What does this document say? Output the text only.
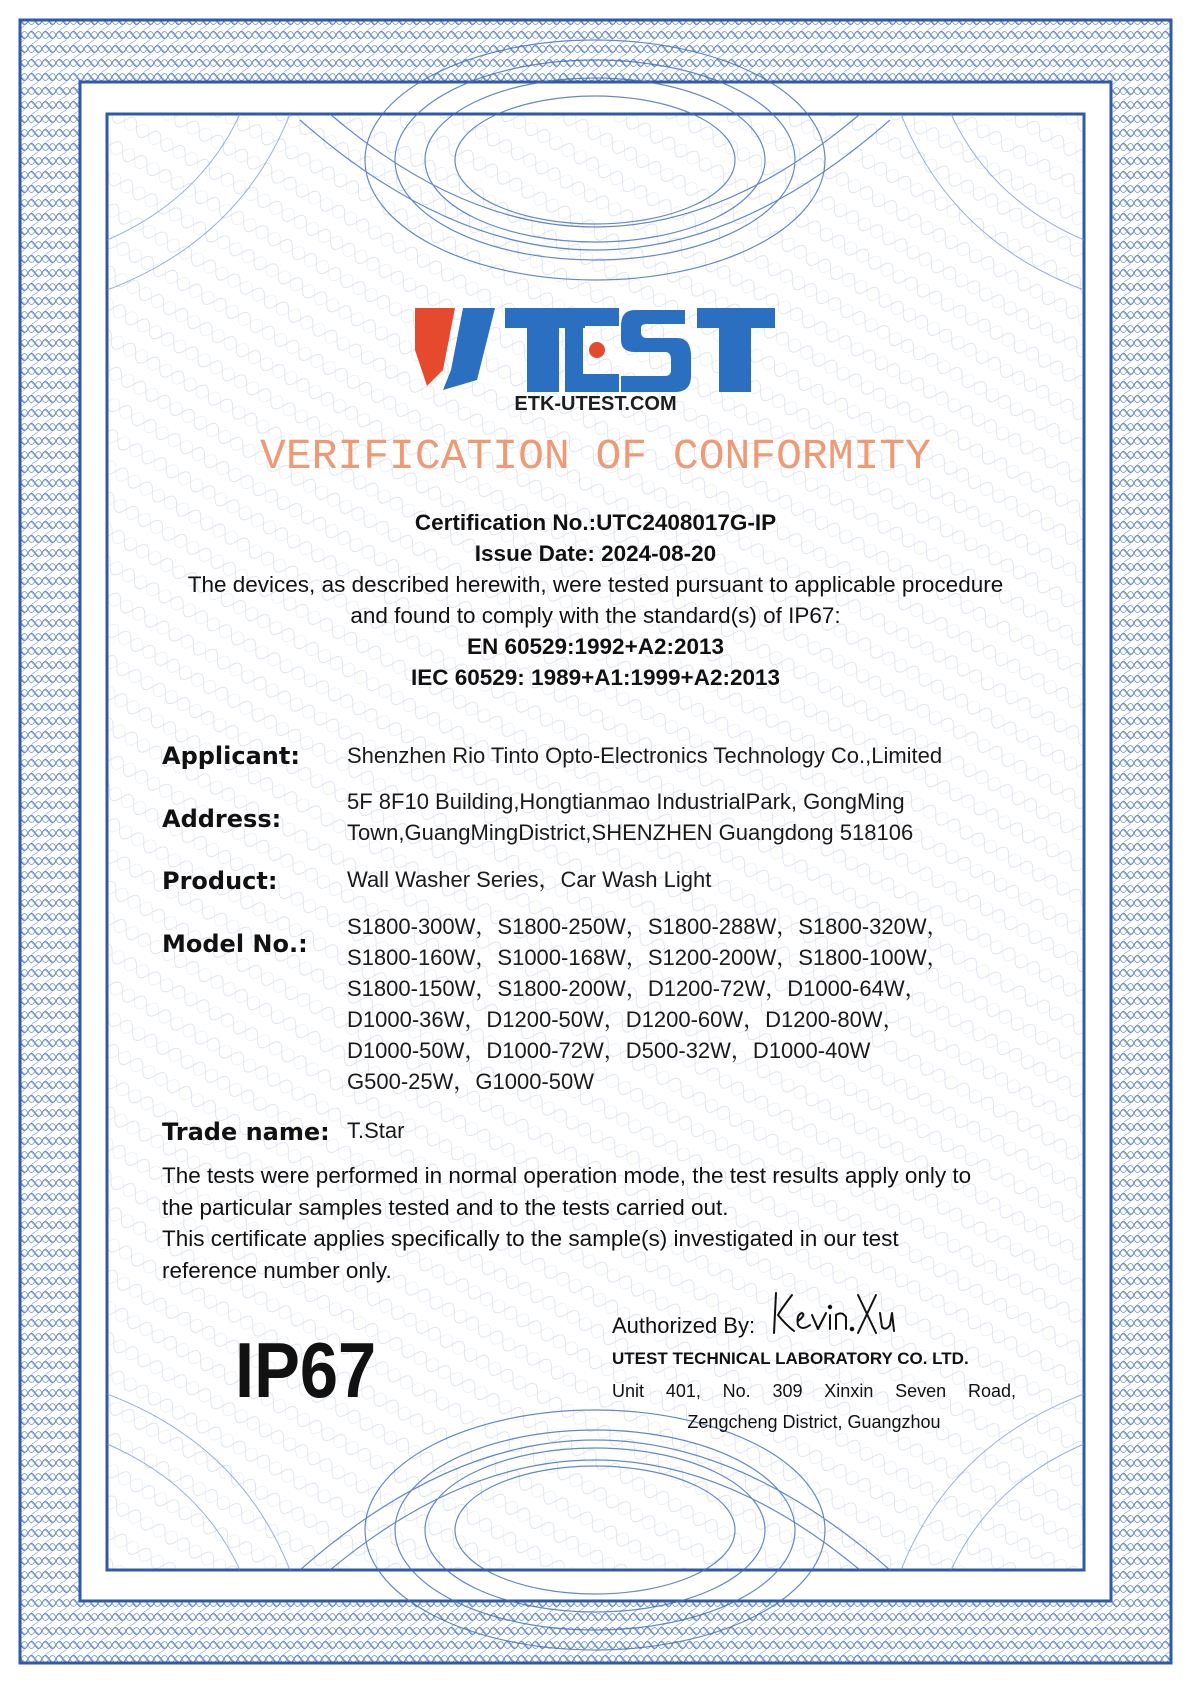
ETK-UTEST.COM
VERIFICATION OF CONFORMITY
Certification No.:UTC2408017G-IP
Issue Date: 2024-08-20
The devices, as described herewith, were tested pursuant to applicable procedure
and found to comply with the standard(s) of IP67:
EN 60529:1992+A2:2013
IEC 60529: 1989+A1:1999+A2:2013
Applicant: Shenzhen Rio Tinto Opto-Electronics Technology Co.,Limited
Address:
5F 8F10 Building,Hongtianmao IndustrialPark, GongMing
Town,GuangMingDistrict,SHENZHEN Guangdong 518106
Product:	Wall Washer Series，Car Wash Light
Model No.:
S1800-300W，S1800-250W，S1800-288W，S1800-320W，
S1800-160W，S1000-168W，S1200-200W，S1800-100W，
S1800-150W，S1800-200W，D1200-72W，D1000-64W，
D1000-36W，D1200-50W，D1200-60W，D1200-80W，
D1000-50W，D1000-72W，D500-32W，D1000-40W
G500-25W，G1000-50W
Trade name: T.Star
The tests were performed in normal operation mode, the test results apply only to
the particular samples tested and to the tests carried out.
This certificate applies specifically to the sample(s) investigated in our test
reference number only.
IP67
Authorized By:
UTEST TECHNICAL LABORATORY CO. LTD.
Unit 401, No. 309 Xinxin Seven Road,
Zengcheng District, Guangzhou
